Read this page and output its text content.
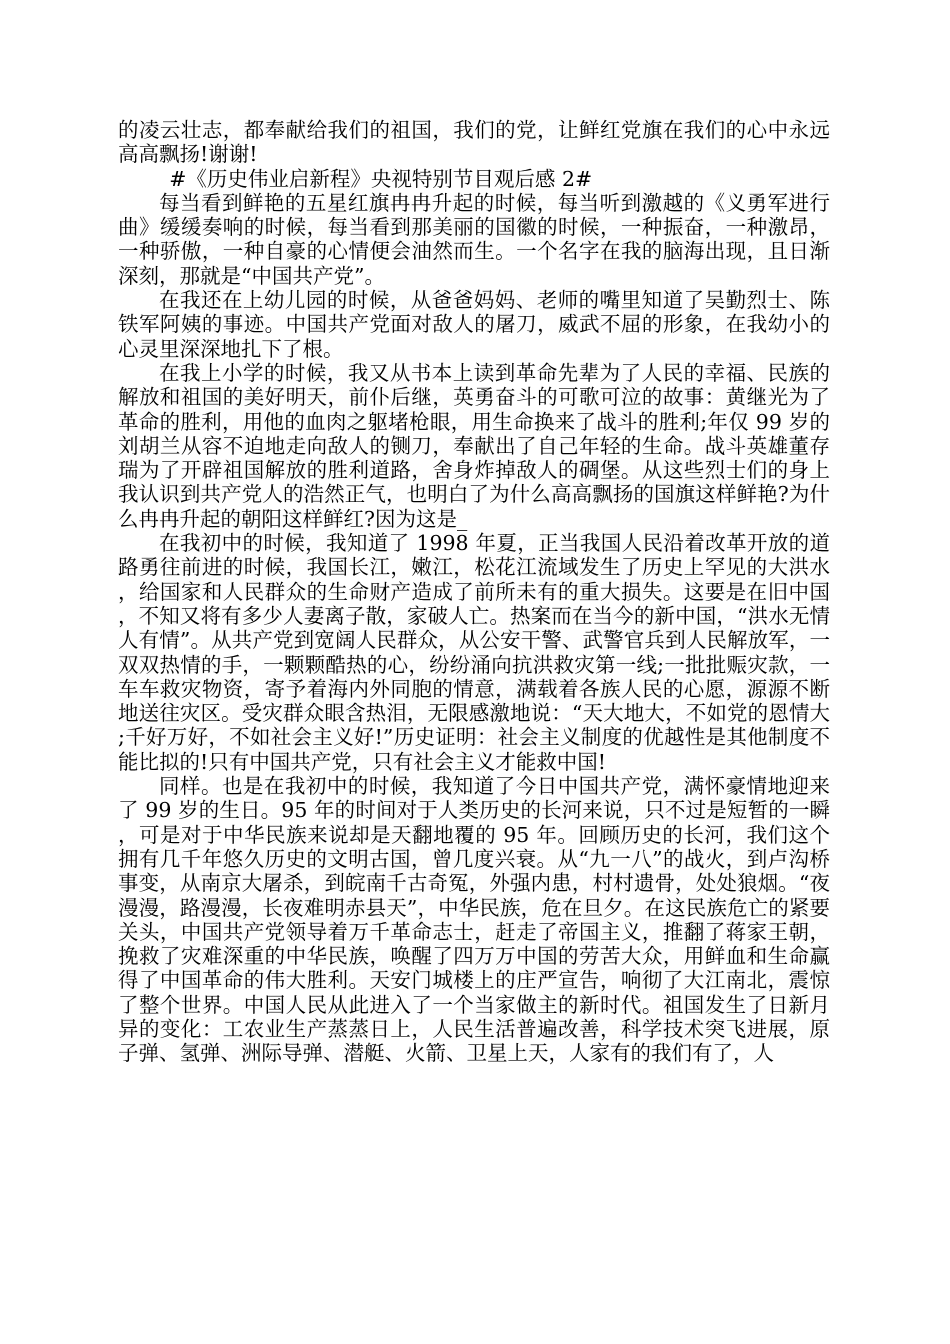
的凌云壮志，都奉献给我们的祖国，我们的党，让鲜红党旗在我们的心中永远高高飘扬!谢谢!

#《历史伟业启新程》央视特别节目观后感 2#

每当看到鲜艳的五星红旗冉冉升起的时候，每当听到激越的《义勇军进行曲》缓缓奏响的时候，每当看到那美丽的国徽的时候，一种振奋，一种激昂，一种骄傲，一种自豪的心情便会油然而生。一个名字在我的脑海出现，且日渐深刻，那就是“中国共产党”。

在我还在上幼儿园的时候，从爸爸妈妈、老师的嘴里知道了吴勤烈士、陈铁军阿姨的事迹。中国共产党面对敌人的屠刀，威武不屈的形象，在我幼小的心灵里深深地扎下了根。

在我上小学的时候，我又从书本上读到革命先辈为了人民的幸福、民族的解放和祖国的美好明天，前仆后继，英勇奋斗的可歌可泣的故事：黄继光为了革命的胜利，用他的血肉之躯堵枪眼，用生命换来了战斗的胜利;年仅 99 岁的刘胡兰从容不迫地走向敌人的铡刀，奉献出了自己年轻的生命。战斗英雄董存瑞为了开辟祖国解放的胜利道路，舍身炸掉敌人的碉堡。从这些烈士们的身上我认识到共产党人的浩然正气，也明白了为什么高高飘扬的国旗这样鲜艳?为什么冉冉升起的朝阳这样鲜红?因为这是_

在我初中的时候，我知道了 1998 年夏，正当我国人民沿着改革开放的道路勇往前进的时候，我国长江，嫩江，松花江流域发生了历史上罕见的大洪水，给国家和人民群众的生命财产造成了前所未有的重大损失。这要是在旧中国，不知又将有多少人妻离子散，家破人亡。热案而在当今的新中国，“洪水无情人有情”。从共产党到宽阔人民群众，从公安干警、武警官兵到人民解放军，一双双热情的手，一颗颗酷热的心，纷纷涌向抗洪救灾第一线;一批批赈灾款，一车车救灾物资，寄予着海内外同胞的情意，满载着各族人民的心愿，源源不断地送往灾区。受灾群众眼含热泪，无限感激地说：“天大地大，不如党的恩情大;千好万好，不如社会主义好!”历史证明：社会主义制度的优越性是其他制度不能比拟的!只有中国共产党，只有社会主义才能救中国!

同样。也是在我初中的时候，我知道了今日中国共产党，满怀豪情地迎来了 99 岁的生日。95 年的时间对于人类历史的长河来说，只不过是短暂的一瞬，可是对于中华民族来说却是天翻地覆的 95 年。回顾历史的长河，我们这个拥有几千年悠久历史的文明古国，曾几度兴衰。从“九一八”的战火，到卢沟桥事变，从南京大屠杀，到皖南千古奇冤，外强内患，村村遗骨，处处狼烟。“夜漫漫，路漫漫，长夜难明赤县天”，中华民族，危在旦夕。在这民族危亡的紧要关头，中国共产党领导着万千革命志士，赶走了帝国主义，推翻了蒋家王朝，挽救了灾难深重的中华民族，唤醒了四万万中国的劳苦大众，用鲜血和生命赢得了中国革命的伟大胜利。天安门城楼上的庄严宣告，响彻了大江南北，震惊了整个世界。中国人民从此进入了一个当家做主的新时代。祖国发生了日新月异的变化：工农业生产蒸蒸日上，人民生活普遍改善，科学技术突飞进展，原子弹、氢弹、洲际导弹、潜艇、火箭、卫星上天，人家有的我们有了，人
